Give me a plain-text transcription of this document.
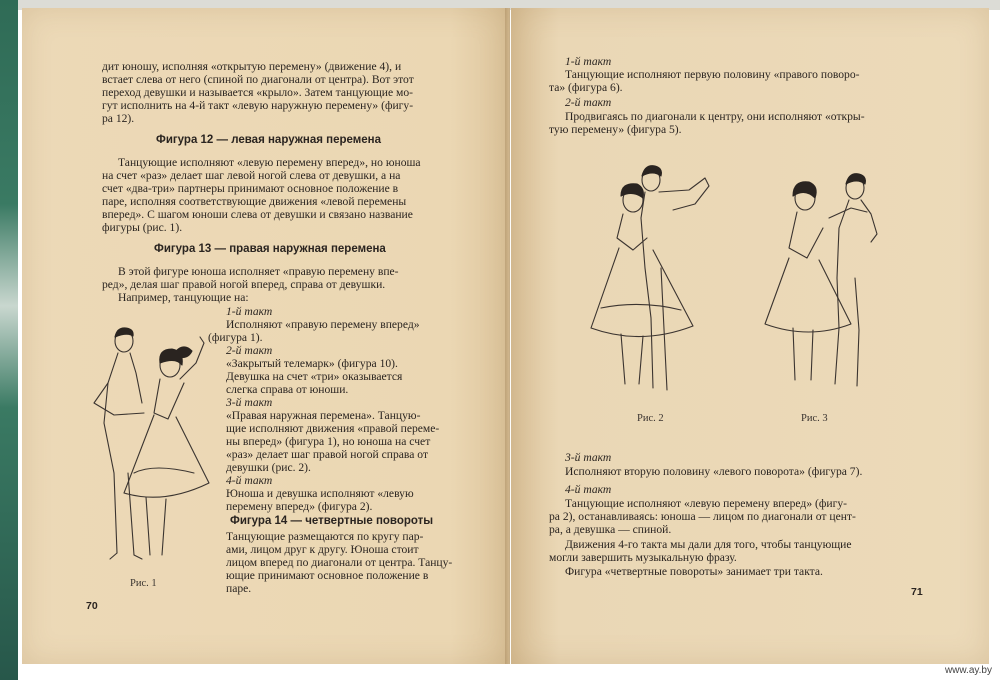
дит юношу, исполняя «открытую перемену» (движение 4), и
встает слева от него (спиной по диагонали от центра). Вот этот
переход девушки и называется «крыло». Затем танцующие мо-
гут исполнить на 4-й такт «левую наружную перемену» (фигу-
ра 12).
Фигура 12 — левая наружная перемена
Танцующие исполняют «левую перемену вперед», но юноша
на счет «раз» делает шаг левой ногой слева от девушки, а на
счет «два-три» партнеры принимают основное положение в
паре, исполняя соответствующие движения «левой перемены
вперед». С шагом юноши слева от девушки и связано название
фигуры (рис. 1).
Фигура 13 — правая наружная перемена
В этой фигуре юноша исполняет «правую перемену впе-
ред», делая шаг правой ногой вперед, справа от девушки.
Например, танцующие на:
1-й такт
Исполняют «правую перемену вперед»
(фигура 1).
2-й такт
«Закрытый телемарк» (фигура 10).
Девушка на счет «три» оказывается
слегка справа от юноши.
3-й такт
«Правая наружная перемена». Танцую-
щие исполняют движения «правой переме-
ны вперед» (фигура 1), но юноша на счет
«раз» делает шаг правой ногой справа от
девушки (рис. 2).
4-й такт
Юноша и девушка исполняют «левую
перемену вперед» (фигура 2).
Фигура 14 — четвертные повороты
Танцующие размещаются по кругу пар-
ами, лицом друг к другу. Юноша стоит
лицом вперед по диагонали от центра. Танцу-
ющие принимают основное положение в
паре.
Рис. 1
70
1-й такт
Танцующие исполняют первую половину «правого поворо-
та» (фигура 6).
2-й такт
Продвигаясь по диагонали к центру, они исполняют «откры-
тую перемену» (фигура 5).
Рис. 2	Рис. 3
3-й такт
Исполняют вторую половину «левого поворота» (фигура 7).
4-й такт
Танцующие исполняют «левую перемену вперед» (фигу-
ра 2), останавливаясь: юноша — лицом по диагонали от цент-
ра, а девушка — спиной.
Движения 4-го такта мы дали для того, чтобы танцующие
могли завершить музыкальную фразу.
Фигура «четвертные повороты» занимает три такта.
71
www.ay.by
